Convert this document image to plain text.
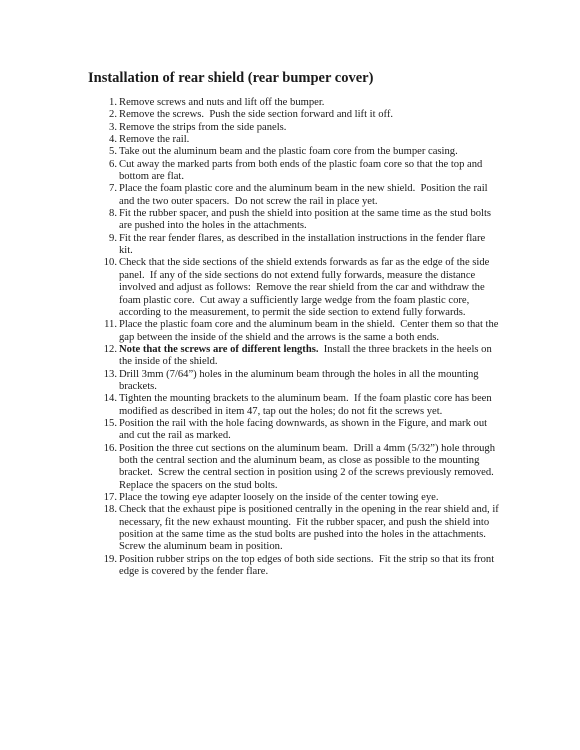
Installation of rear shield (rear bumper cover)
1. Remove screws and nuts and lift off the bumper.
2. Remove the screws.  Push the side section forward and lift it off.
3. Remove the strips from the side panels.
4. Remove the rail.
5. Take out the aluminum beam and the plastic foam core from the bumper casing.
6. Cut away the marked parts from both ends of the plastic foam core so that the top and bottom are flat.
7. Place the foam plastic core and the aluminum beam in the new shield.  Position the rail and the two outer spacers.  Do not screw the rail in place yet.
8. Fit the rubber spacer, and push the shield into position at the same time as the stud bolts are pushed into the holes in the attachments.
9. Fit the rear fender flares, as described in the installation instructions in the fender flare kit.
10. Check that the side sections of the shield extends forwards as far as the edge of the side panel.  If any of the side sections do not extend fully forwards, measure the distance involved and adjust as follows:  Remove the rear shield from the car and withdraw the foam plastic core.  Cut away a sufficiently large wedge from the foam plastic core, according to the measurement, to permit the side section to extend fully forwards.
11. Place the plastic foam core and the aluminum beam in the shield.  Center them so that the gap between the inside of the shield and the arrows is the same a both ends.
12. Note that the screws are of different lengths.  Install the three brackets in the heels on the inside of the shield.
13. Drill 3mm (7/64”) holes in the aluminum beam through the holes in all the mounting brackets.
14. Tighten the mounting brackets to the aluminum beam.  If the foam plastic core has been modified as described in item 47, tap out the holes; do not fit the screws yet.
15. Position the rail with the hole facing downwards, as shown in the Figure, and mark out and cut the rail as marked.
16. Position the three cut sections on the aluminum beam.  Drill a 4mm (5/32”) hole through both the central section and the aluminum beam, as close as possible to the mounting bracket.  Screw the central section in position using 2 of the screws previously removed.  Replace the spacers on the stud bolts.
17. Place the towing eye adapter loosely on the inside of the center towing eye.
18. Check that the exhaust pipe is positioned centrally in the opening in the rear shield and, if necessary, fit the new exhaust mounting.  Fit the rubber spacer, and push the shield into position at the same time as the stud bolts are pushed into the holes in the attachments.  Screw the aluminum beam in position.
19. Position rubber strips on the top edges of both side sections.  Fit the strip so that its front edge is covered by the fender flare.
